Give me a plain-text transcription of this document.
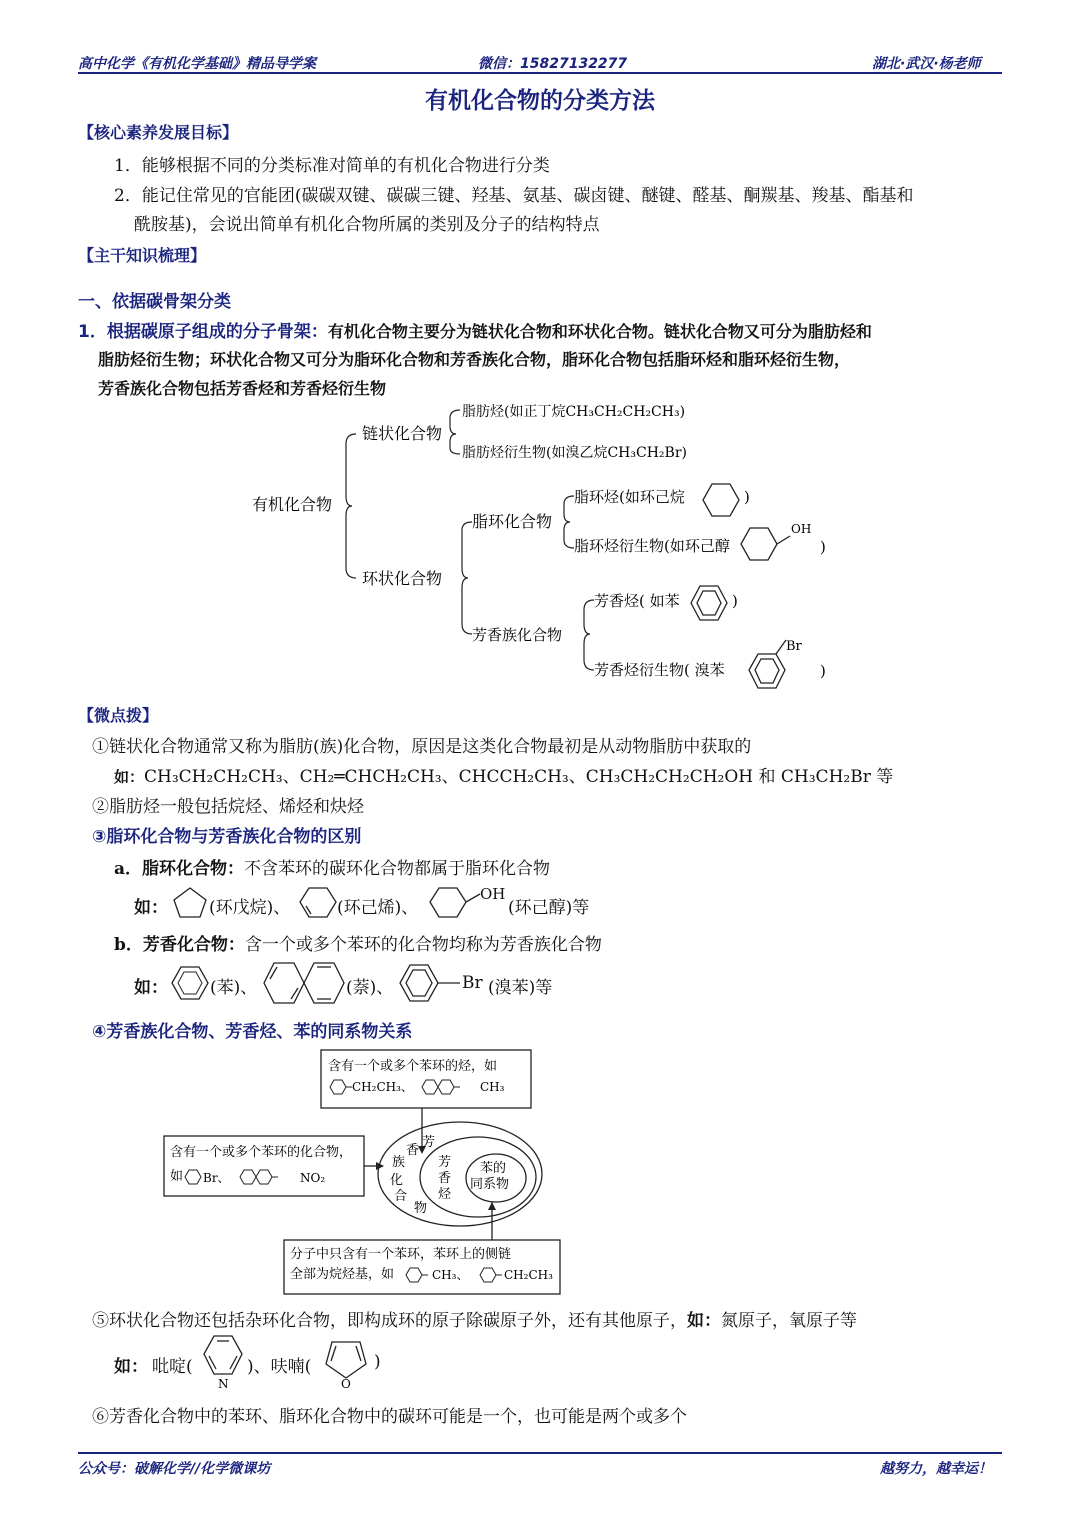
高中化学《有机化学基础》精品导学案	微信：15827132277	湖北·武汉·杨老师
有机化合物的分类方法
【核心素养发展目标】
1．能够根据不同的分类标准对简单的有机化合物进行分类
2．能记住常见的官能团(碳碳双键、碳碳三键、羟基、氨基、碳卤键、醚键、醛基、酮羰基、羧基、酯基和
酰胺基)，会说出简单有机化合物所属的类别及分子的结构特点
【主干知识梳理】
一、依据碳骨架分类
1．根据碳原子组成的分子骨架：有机化合物主要分为链状化合物和环状化合物。链状化合物又可分为脂肪烃和
脂肪烃衍生物；环状化合物又可分为脂环化合物和芳香族化合物，脂环化合物包括脂环烃和脂环烃衍生物，
芳香族化合物包括芳香烃和芳香烃衍生物
有机化合物
链状化合物
脂肪烃(如正丁烷CH₃CH₂CH₂CH₃)
脂肪烃衍生物(如溴乙烷CH₃CH₂Br)
环状化合物
脂环化合物
脂环烃(如环己烷	)
脂环烃衍生物(如环己醇
OH
)
芳香族化合物
芳香烃( 如苯	)
芳香烃衍生物( 溴苯
Br
)
【微点拨】
①链状化合物通常又称为脂肪(族)化合物，原因是这类化合物最初是从动物脂肪中获取的
如：CH₃CH₂CH₂CH₃、CH₂═CHCH₂CH₃、CHCCH₂CH₃、CH₃CH₂CH₂CH₂OH 和 CH₃CH₂Br 等
②脂肪烃一般包括烷烃、烯烃和炔烃
③脂环化合物与芳香族化合物的区别
a．脂环化合物：不含苯环的碳环化合物都属于脂环化合物
如： (环戊烷)、	(环己烯)、
OH
(环己醇)等
b．芳香化合物：含一个或多个苯环的化合物均称为芳香族化合物
如： (苯)、	(萘)、	Br (溴苯)等
④芳香族化合物、芳香烃、苯的同系物关系
含有一个或多个苯环的烃，如
CH₂CH₃、	CH₃
含有一个或多个苯环的化合物，
如 Br、	NO₂
芳
香
族
化
合
物
芳
香
烃
苯的
同系物
分子中只含有一个苯环，苯环上的侧链
全部为烷烃基，如	CH₃、	CH₂CH₃
⑤环状化合物还包括杂环化合物，即构成环的原子除碳原子外，还有其他原子，如：氮原子，氧原子等
如： 吡啶(
N
)、呋喃(
O
)
⑥芳香化合物中的苯环、脂环化合物中的碳环可能是一个，也可能是两个或多个
公众号：破解化学//化学微课坊	越努力，越幸运！
